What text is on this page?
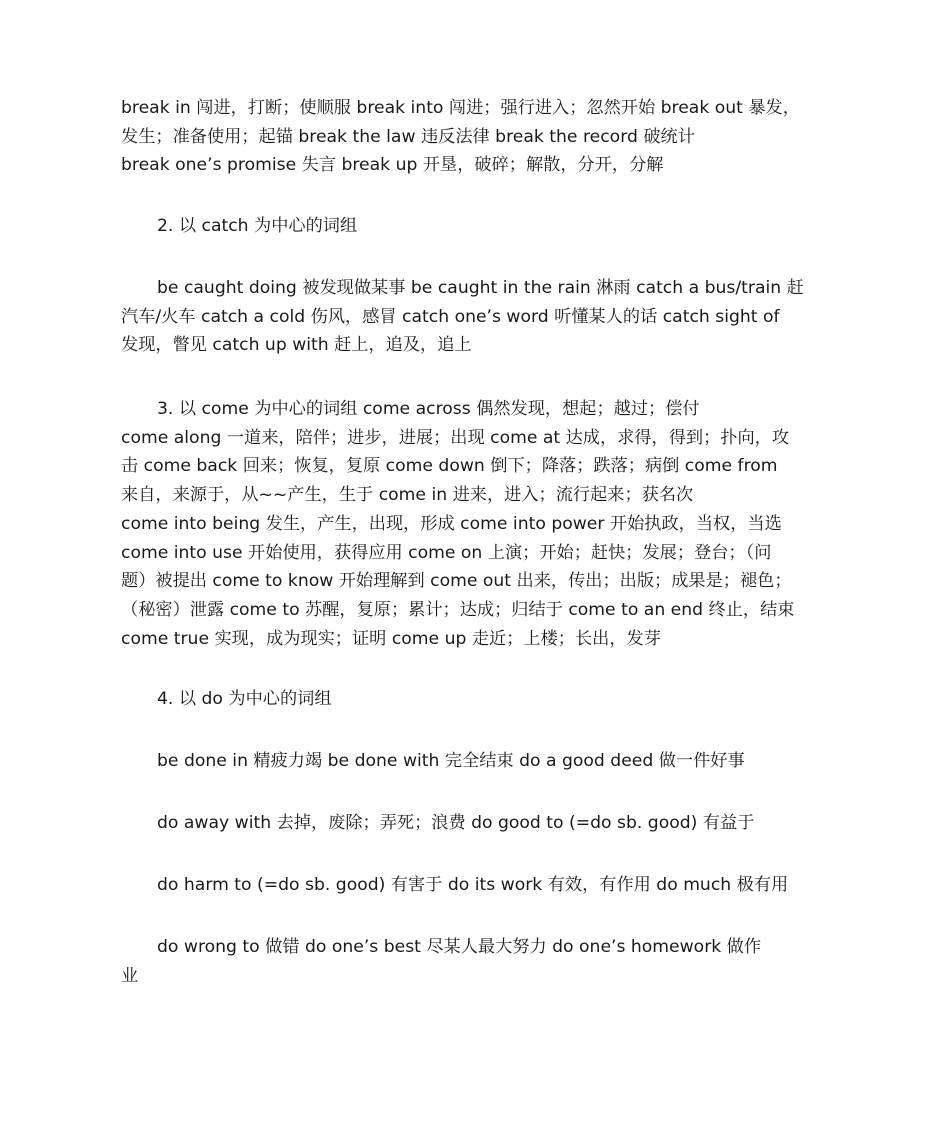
break in 闯进，打断；使顺服 break into 闯进；强行进入；忽然开始 break out 暴发，
发生；准备使用；起锚 break the law 违反法律 break the record 破统计
break one’s promise 失言 break up 开垦，破碎；解散，分开，分解

2. 以 catch 为中心的词组

be caught doing 被发现做某事 be caught in the rain 淋雨 catch a bus/train 赶
汽车/火车 catch a cold 伤风，感冒 catch one’s word 听懂某人的话 catch sight of
发现，瞥见 catch up with 赶上，追及，追上

3. 以 come 为中心的词组 come across 偶然发现，想起；越过；偿付
come along 一道来，陪伴；进步，进展；出现 come at 达成，求得，得到；扑向，攻
击 come back 回来；恢复，复原 come down 倒下；降落；跌落；病倒 come from
来自，来源于，从~~产生，生于 come in 进来，进入；流行起来；获名次
come into being 发生，产生，出现，形成 come into power 开始执政，当权，当选
come into use 开始使用，获得应用 come on 上演；开始；赶快；发展；登台；（问
题）被提出 come to know 开始理解到 come out 出来，传出；出版；成果是；褪色；
（秘密）泄露 come to 苏醒，复原；累计；达成；归结于 come to an end 终止，结束
come true 实现，成为现实；证明 come up 走近；上楼；长出，发芽

4. 以 do 为中心的词组

be done in 精疲力竭 be done with 完全结束 do a good deed 做一件好事

do away with 去掉，废除；弄死；浪费 do good to (=do sb. good) 有益于

do harm to (=do sb. good) 有害于 do its work 有效，有作用 do much 极有用

do wrong to 做错 do one’s best 尽某人最大努力 do one’s homework 做作
业
